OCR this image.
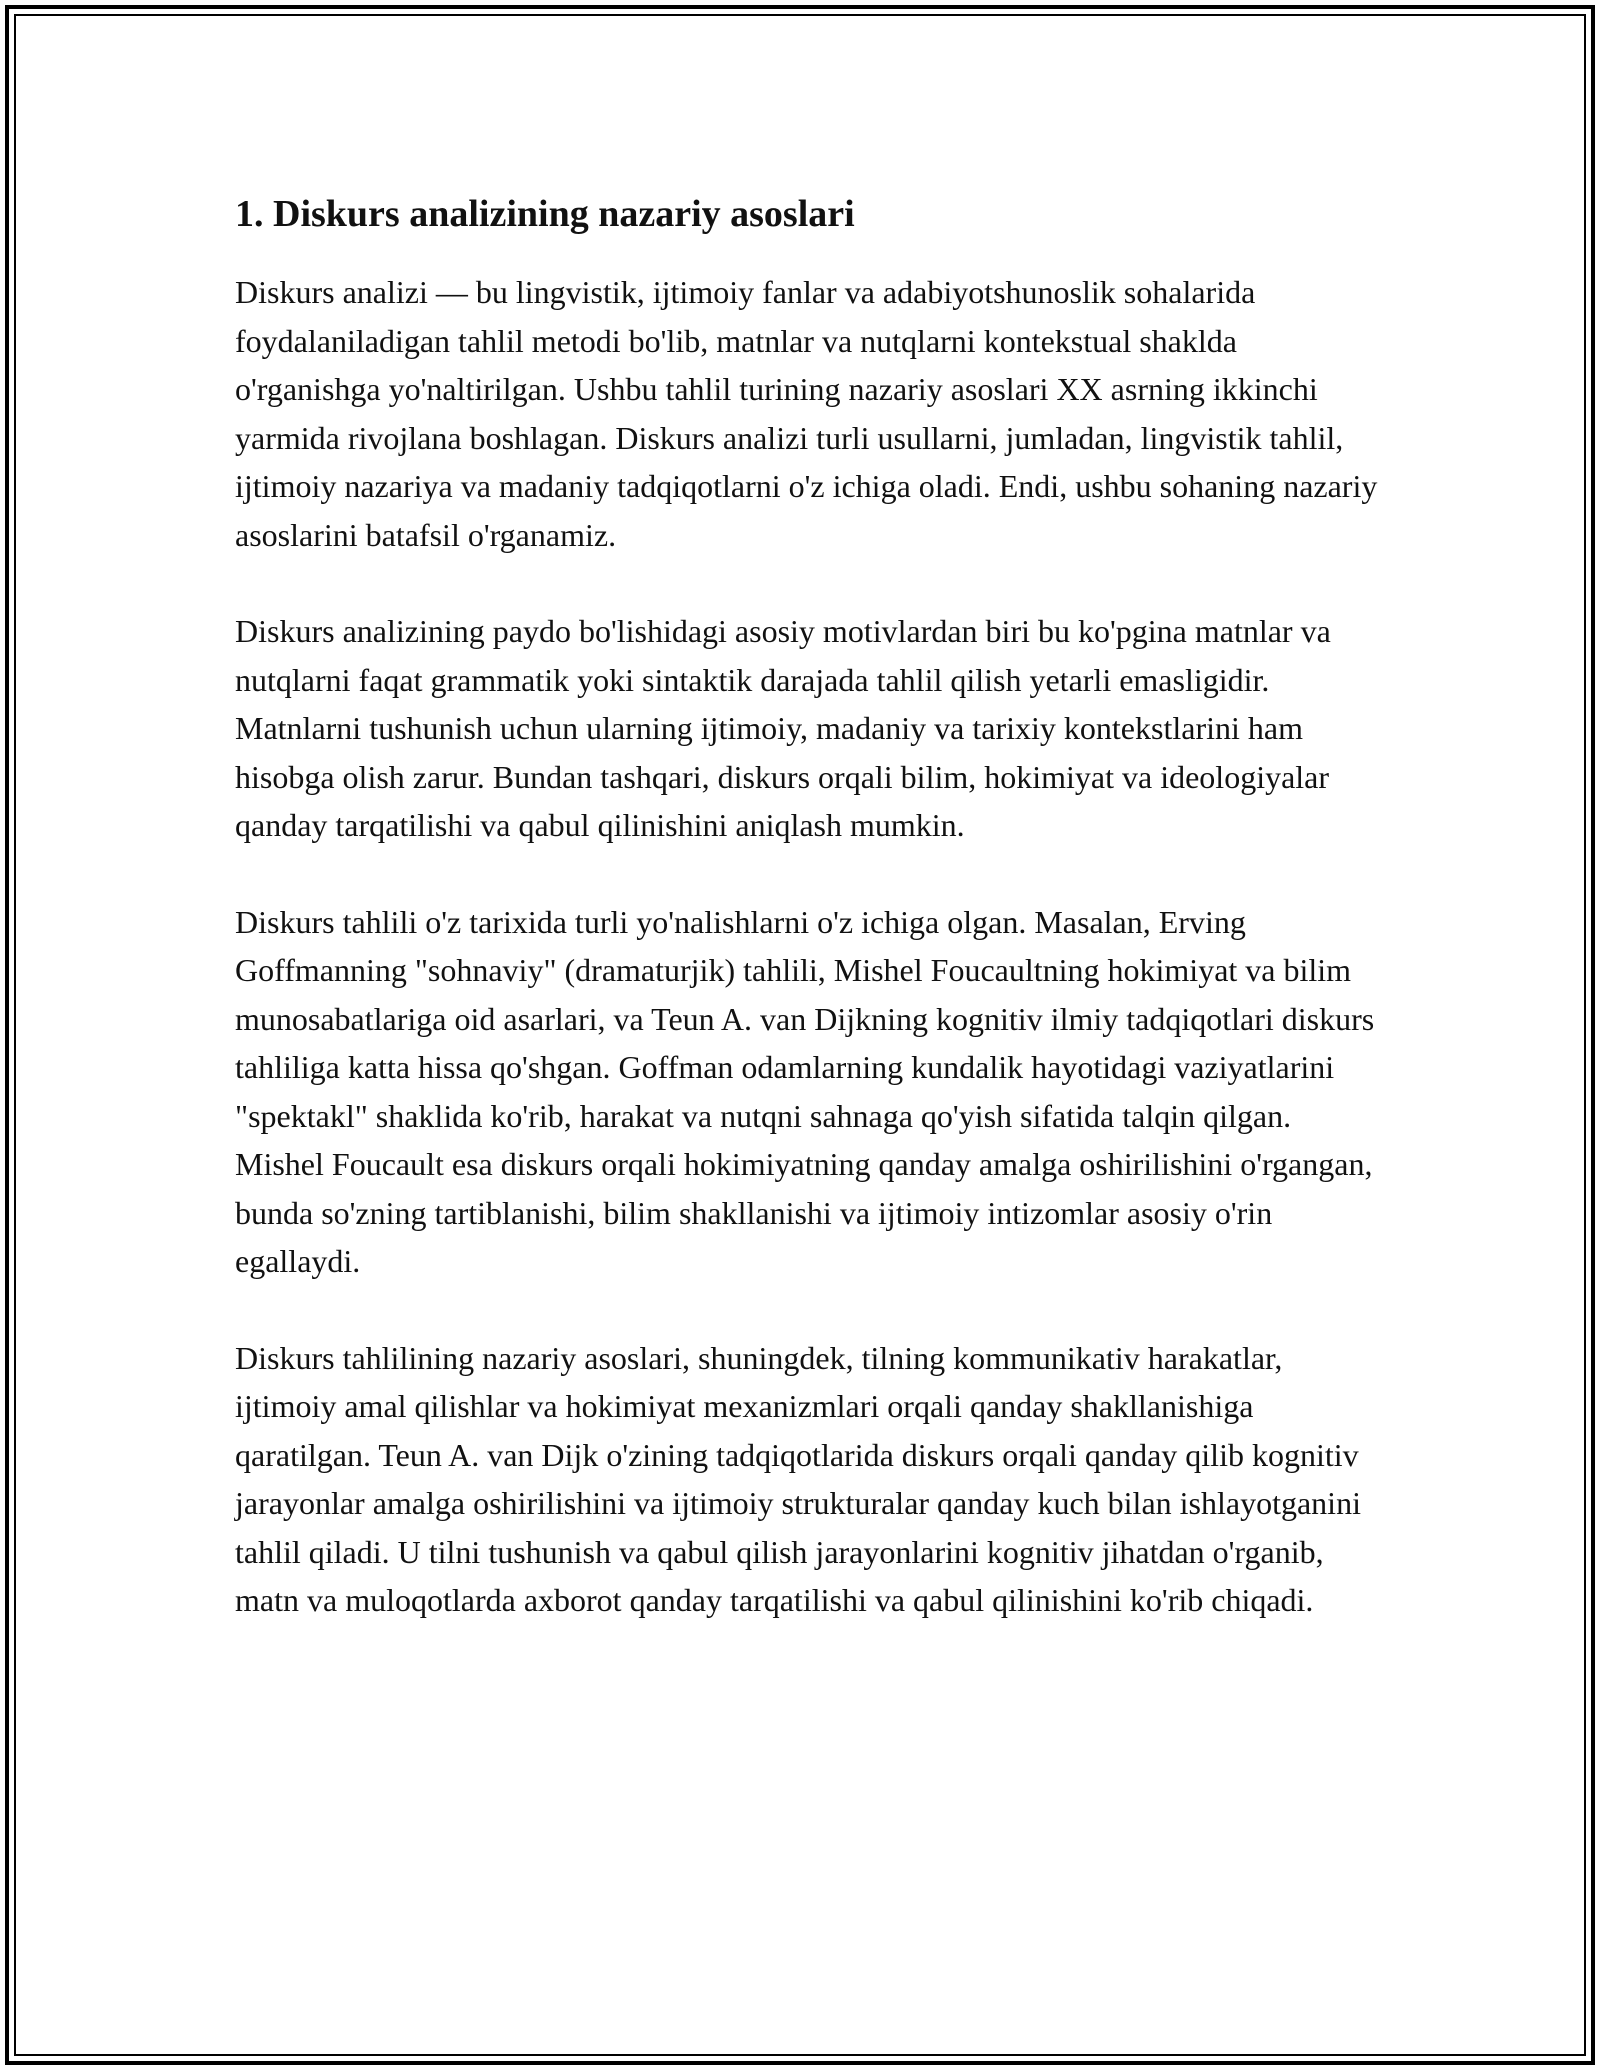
1. Diskurs analizining nazariy asoslari

Diskurs analizi — bu lingvistik, ijtimoiy fanlar va adabiyotshunoslik sohalarida foydalaniladigan tahlil metodi bo'lib, matnlar va nutqlarni kontekstual shaklda o'rganishga yo'naltirilgan. Ushbu tahlil turining nazariy asoslari XX asrning ikkinchi yarmida rivojlana boshlagan. Diskurs analizi turli usullarni, jumladan, lingvistik tahlil, ijtimoiy nazariya va madaniy tadqiqotlarni o'z ichiga oladi. Endi, ushbu sohaning nazariy asoslarini batafsil o'rganamiz.

Diskurs analizining paydo bo'lishidagi asosiy motivlardan biri bu ko'pgina matnlar va nutqlarni faqat grammatik yoki sintaktik darajada tahlil qilish yetarli emasligidir. Matnlarni tushunish uchun ularning ijtimoiy, madaniy va tarixiy kontekstlarini ham hisobga olish zarur. Bundan tashqari, diskurs orqali bilim, hokimiyat va ideologiyalar qanday tarqatilishi va qabul qilinishini aniqlash mumkin.

Diskurs tahlili o'z tarixida turli yo'nalishlarni o'z ichiga olgan. Masalan, Erving Goffmanning "sohnaviy" (dramaturjik) tahlili, Mishel Foucaultning hokimiyat va bilim munosabatlariga oid asarlari, va Teun A. van Dijkning kognitiv ilmiy tadqiqotlari diskurs tahliliga katta hissa qo'shgan. Goffman odamlarning kundalik hayotidagi vaziyatlarini "spektakl" shaklida ko'rib, harakat va nutqni sahnaga qo'yish sifatida talqin qilgan. Mishel Foucault esa diskurs orqali hokimiyatning qanday amalga oshirilishini o'rgangan, bunda so'zning tartiblanishi, bilim shakllanishi va ijtimoiy intizomlar asosiy o'rin egallaydi.

Diskurs tahlilining nazariy asoslari, shuningdek, tilning kommunikativ harakatlar, ijtimoiy amal qilishlar va hokimiyat mexanizmlari orqali qanday shakllanishiga qaratilgan. Teun A. van Dijk o'zining tadqiqotlarida diskurs orqali qanday qilib kognitiv jarayonlar amalga oshirilishini va ijtimoiy strukturalar qanday kuch bilan ishlayotganini tahlil qiladi. U tilni tushunish va qabul qilish jarayonlarini kognitiv jihatdan o'rganib, matn va muloqotlarda axborot qanday tarqatilishi va qabul qilinishini ko'rib chiqadi.
